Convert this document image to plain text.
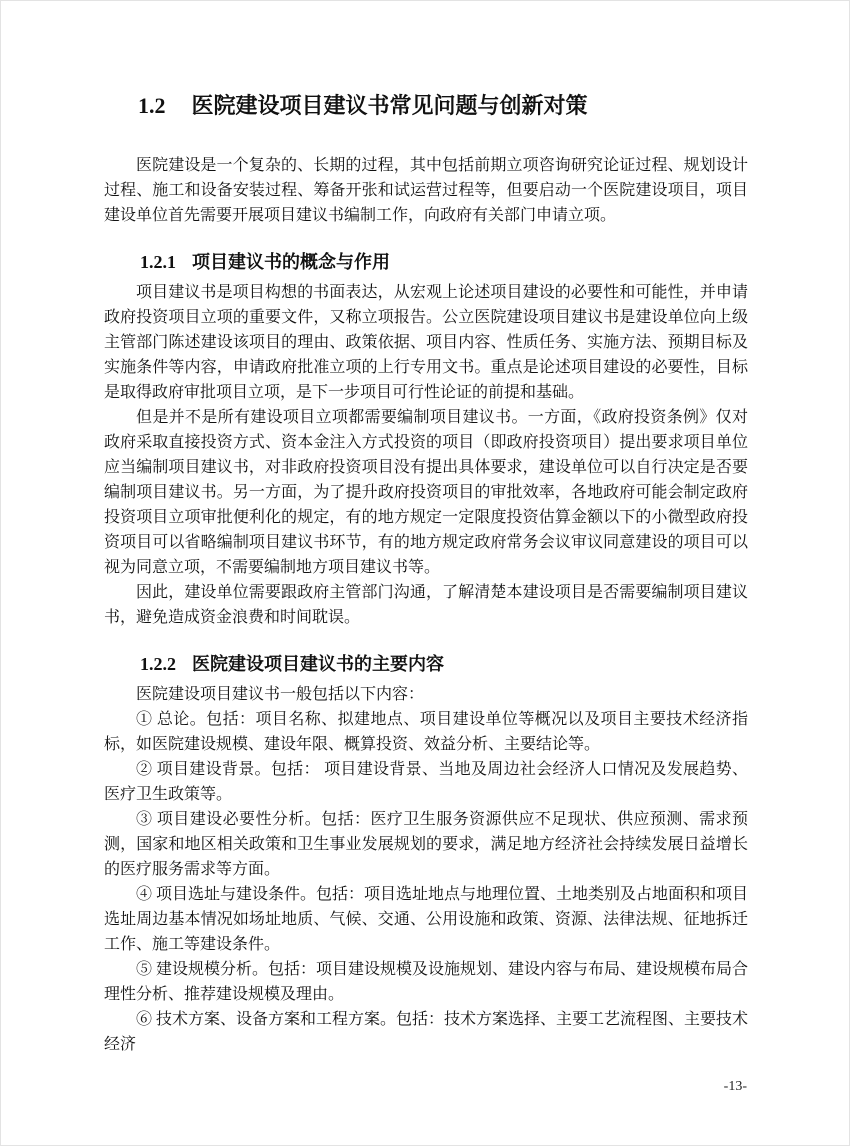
1.2 医院建设项目建议书常见问题与创新对策

医院建设是一个复杂的、长期的过程，其中包括前期立项咨询研究论证过程、规划设计过程、施工和设备安装过程、筹备开张和试运营过程等，但要启动一个医院建设项目，项目建设单位首先需要开展项目建议书编制工作，向政府有关部门申请立项。

1.2.1 项目建议书的概念与作用

项目建议书是项目构想的书面表达，从宏观上论述项目建设的必要性和可能性，并申请政府投资项目立项的重要文件，又称立项报告。公立医院建设项目建议书是建设单位向上级主管部门陈述建设该项目的理由、政策依据、项目内容、性质任务、实施方法、预期目标及实施条件等内容，申请政府批准立项的上行专用文书。重点是论述项目建设的必要性，目标是取得政府审批项目立项，是下一步项目可行性论证的前提和基础。

但是并不是所有建设项目立项都需要编制项目建议书。一方面，《政府投资条例》仅对政府采取直接投资方式、资本金注入方式投资的项目（即政府投资项目）提出要求项目单位应当编制项目建议书，对非政府投资项目没有提出具体要求，建设单位可以自行决定是否要编制项目建议书。另一方面，为了提升政府投资项目的审批效率，各地政府可能会制定政府投资项目立项审批便利化的规定，有的地方规定一定限度投资估算金额以下的小微型政府投资项目可以省略编制项目建议书环节，有的地方规定政府常务会议审议同意建设的项目可以视为同意立项，不需要编制地方项目建议书等。

因此，建设单位需要跟政府主管部门沟通，了解清楚本建设项目是否需要编制项目建议书，避免造成资金浪费和时间耽误。

1.2.2 医院建设项目建议书的主要内容

医院建设项目建议书一般包括以下内容：

① 总论。包括：项目名称、拟建地点、项目建设单位等概况以及项目主要技术经济指标，如医院建设规模、建设年限、概算投资、效益分析、主要结论等。

② 项目建设背景。包括： 项目建设背景、当地及周边社会经济人口情况及发展趋势、医疗卫生政策等。

③ 项目建设必要性分析。包括：医疗卫生服务资源供应不足现状、供应预测、需求预测，国家和地区相关政策和卫生事业发展规划的要求，满足地方经济社会持续发展日益增长的医疗服务需求等方面。

④ 项目选址与建设条件。包括：项目选址地点与地理位置、土地类别及占地面积和项目选址周边基本情况如场址地质、气候、交通、公用设施和政策、资源、法律法规、征地拆迁工作、施工等建设条件。

⑤ 建设规模分析。包括：项目建设规模及设施规划、建设内容与布局、建设规模布局合理性分析、推荐建设规模及理由。

⑥ 技术方案、设备方案和工程方案。包括：技术方案选择、主要工艺流程图、主要技术经济

-13-
